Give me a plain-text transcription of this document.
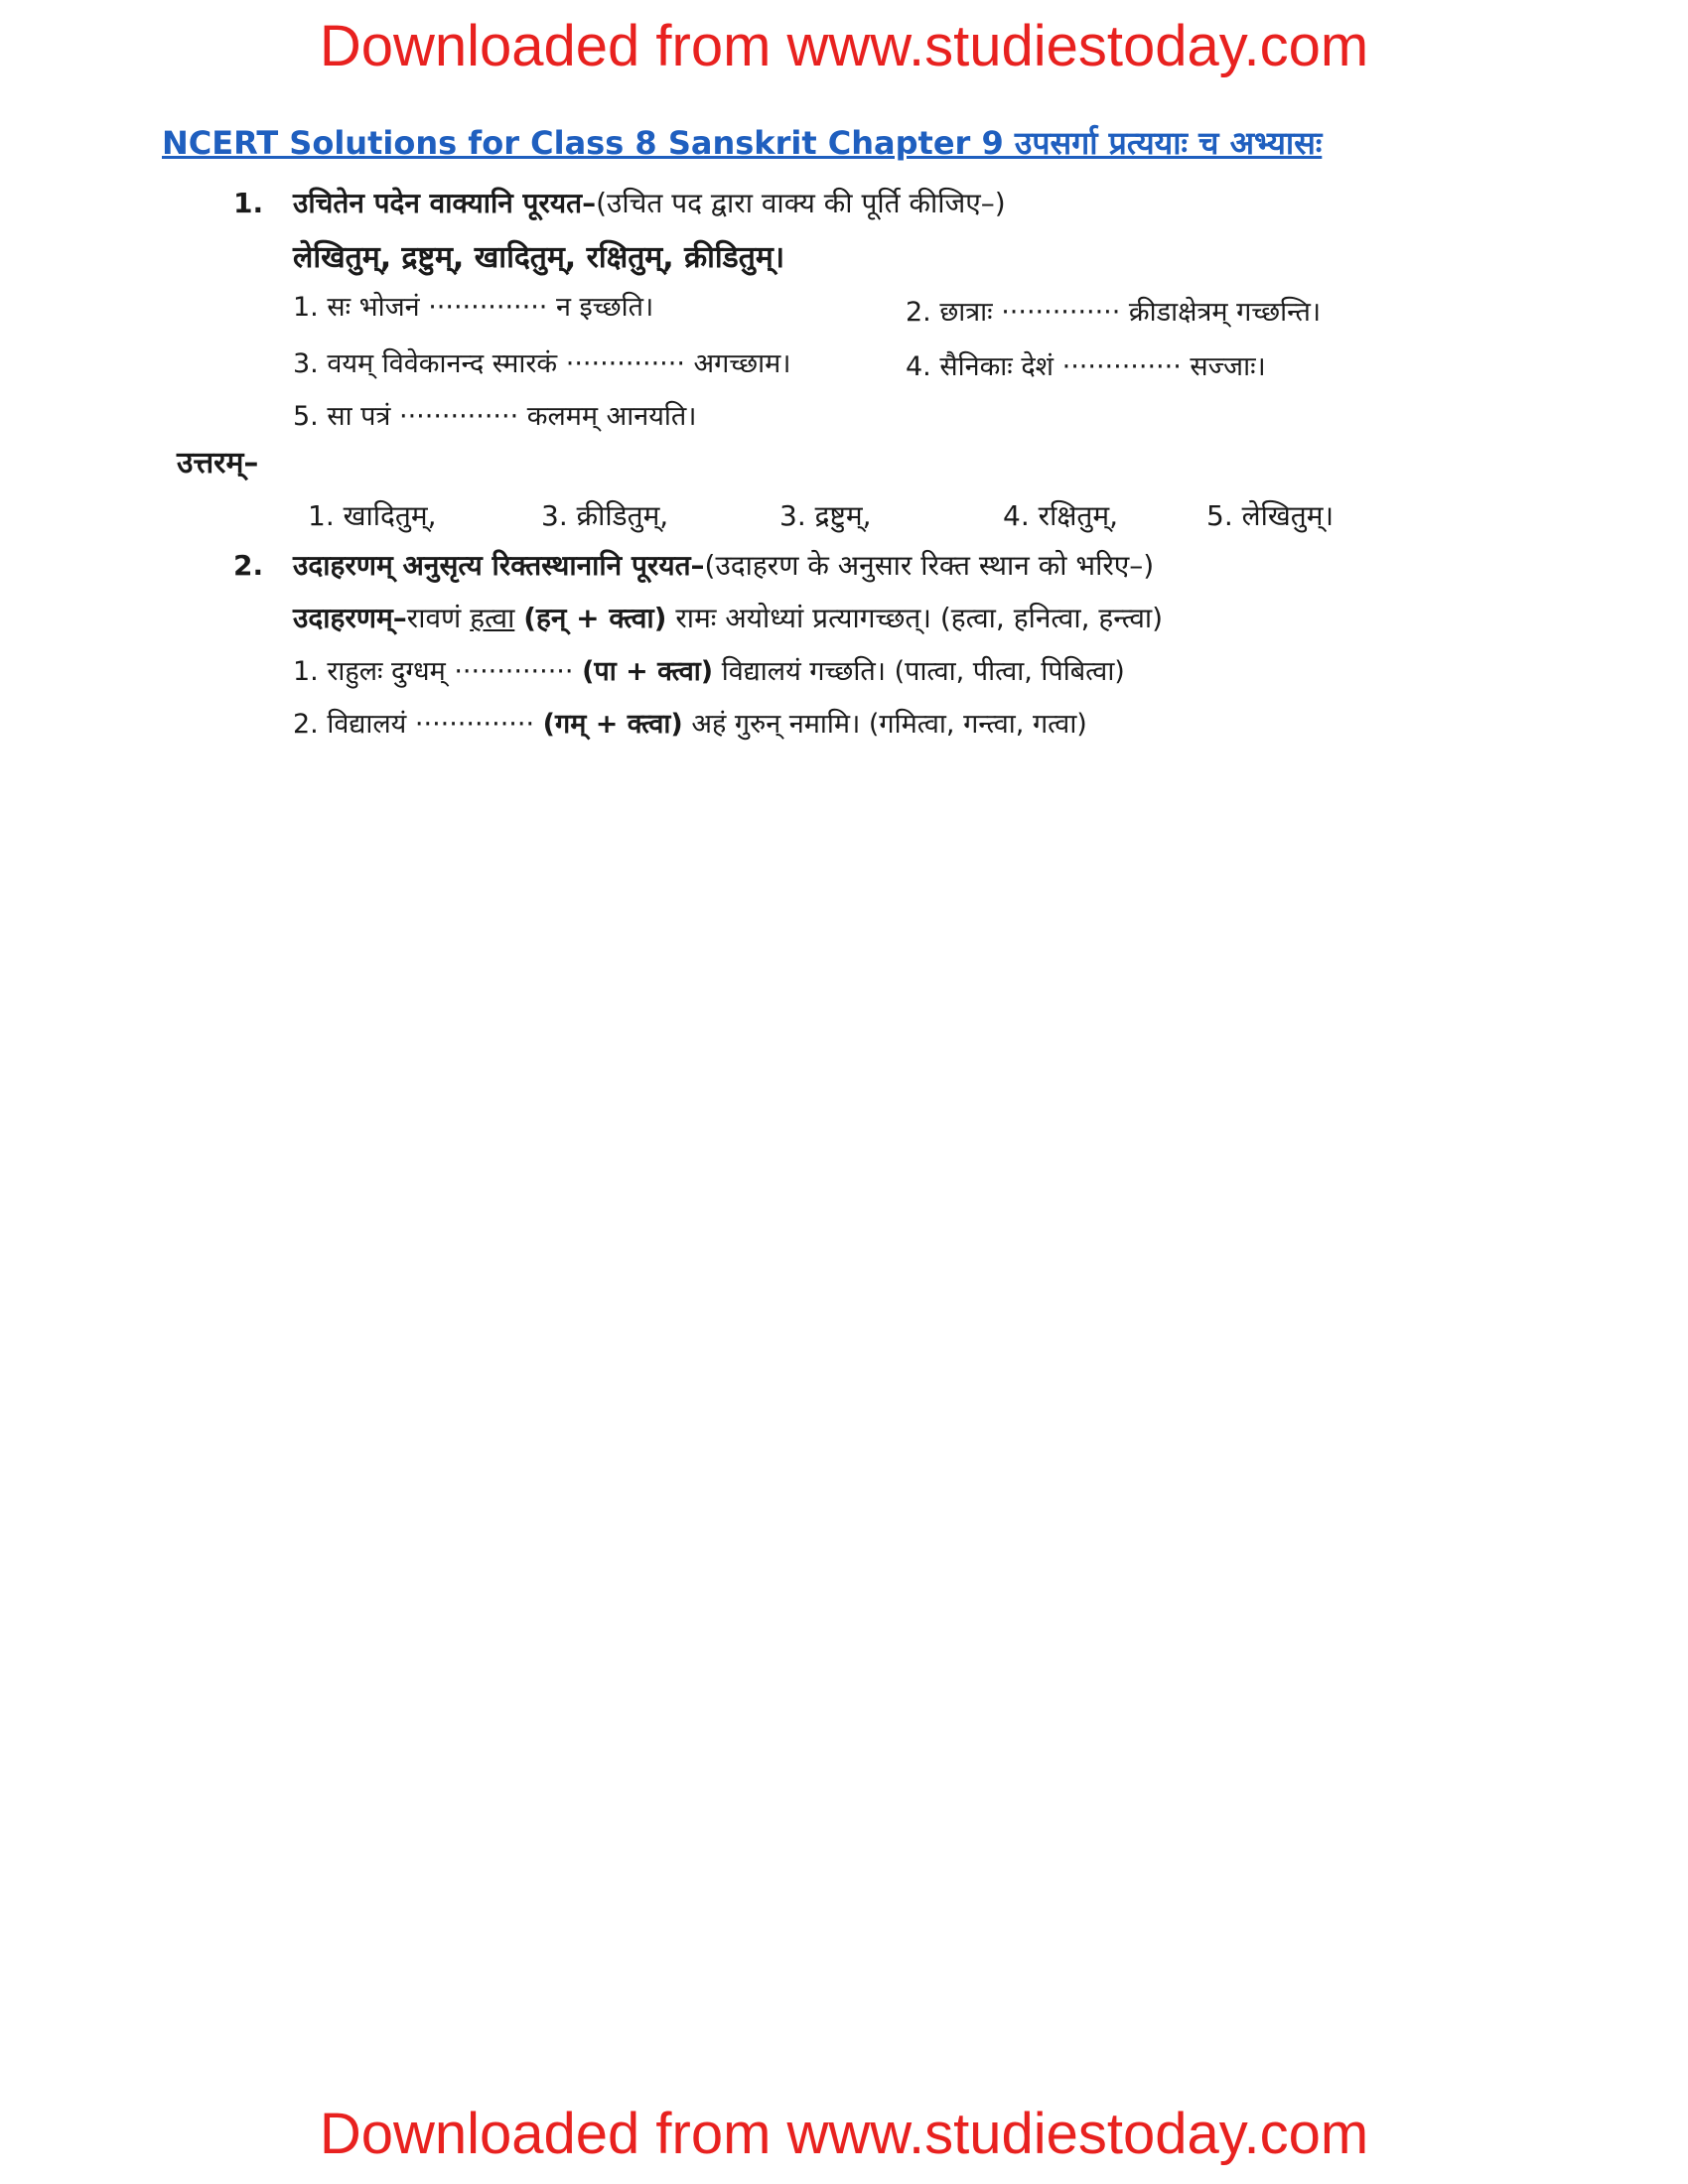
Downloaded from www.studiestoday.com
NCERT Solutions for Class 8 Sanskrit Chapter 9 उपसर्गा प्रत्ययाः च अभ्यासः
1. उचितेन पदेन वाक्यानि पूरयत–(उचित पद द्वारा वाक्य की पूर्ति कीजिए–)
लेखितुम्, द्रष्टुम्, खादितुम्, रक्षितुम्, क्रीडितुम्।
1. सः भोजनं ·············· न इच्छति।	2. छात्राः ·············· क्रीडाक्षेत्रम् गच्छन्ति।
3. वयम् विवेकानन्द स्मारकं ·············· अगच्छाम।	4. सैनिकाः देशं ·············· सज्जाः।
5. सा पत्रं ·············· कलमम् आनयति।
उत्तरम्–
1. खादितुम्,	3. क्रीडितुम्,	3. द्रष्टुम्,	4. रक्षितुम्,	5. लेखितुम्।
2. उदाहरणम् अनुसृत्य रिक्तस्थानानि पूरयत–(उदाहरण के अनुसार रिक्त स्थान को भरिए–)
उदाहरणम्–रावणं हत्वा (हन् + क्त्वा) रामः अयोध्यां प्रत्यागच्छत्। (हत्वा, हनित्वा, हन्त्वा)
1. राहुलः दुग्धम् ·············· (पा + क्त्वा) विद्यालयं गच्छति। (पात्वा, पीत्वा, पिबित्वा)
2. विद्यालयं ·············· (गम् + क्त्वा) अहं गुरुन् नमामि। (गमित्वा, गन्त्वा, गत्वा)
Downloaded from www.studiestoday.com
